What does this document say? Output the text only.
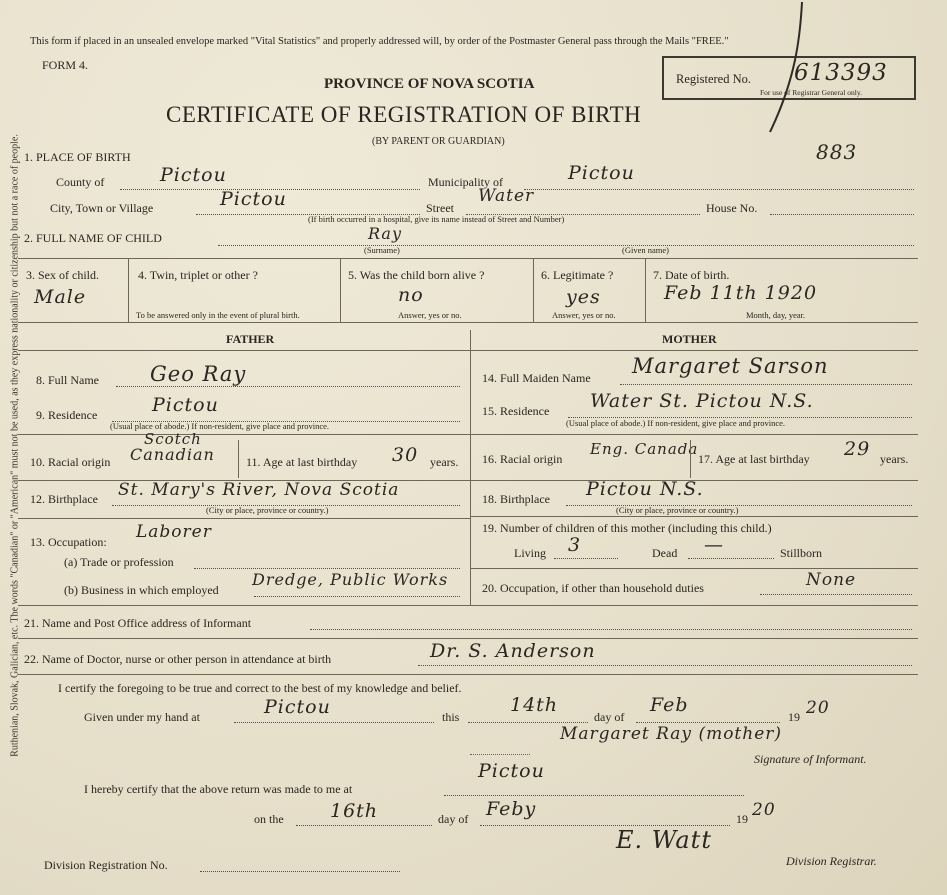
Ruthenian, Slovak, Galician, etc. The words "Canadian" or "American" must not be used, as they express nationality or citizenship but not a race of people.
This form if placed in an unsealed envelope marked "Vital Statistics" and properly addressed will, by order of the Postmaster General pass through the Mails "FREE."
FORM 4.
PROVINCE OF NOVA SCOTIA
CERTIFICATE OF REGISTRATION OF BIRTH
(BY PARENT OR GUARDIAN)
Registered No.
For use of Registrar General only.
613393
883
1. PLACE OF BIRTH
County of	Pictou	Municipality of	Pictou
City, Town or Village	Pictou	Street
Water
House No.
(If birth occurred in a hospital, give its name instead of Street and Number)
2. FULL NAME OF CHILD	Ray
(Surname)	(Given name)
3. Sex of child.
Male
4. Twin, triplet or other ?
To be answered only in the event of plural birth.
5. Was the child born alive ?
no
Answer, yes or no.
6. Legitimate ?
yes
Answer, yes or no.
7. Date of birth.
Feb 11th 1920
Month, day, year.
FATHER	MOTHER
8. Full Name Geo Ray
9. Residence	Pictou
(Usual place of abode.) If non-resident, give place and province.
10. Racial origin
Scotch
Canadian	11. Age at last birthday 30 years.
12. Birthplace St. Mary's River, Nova Scotia
(City or place, province or country.)
13. Occupation: Laborer
(a) Trade or profession
(b) Business in which employed
Dredge, Public Works
14. Full Maiden Name Margaret Sarson
15. Residence Water St. Pictou N.S.
(Usual place of abode.) If non-resident, give place and province.
16. Racial origin
Eng. Canada
17. Age at last birthday 29 years.
18. Birthplace Pictou N.S.
(City or place, province or country.)
19. Number of children of this mother (including this child.)
Living 3	Dead —	Stillborn
20. Occupation, if other than household duties	None
21. Name and Post Office address of Informant
22. Name of Doctor, nurse or other person in attendance at birth	Dr. S. Anderson
I certify the foregoing to be true and correct to the best of my knowledge and belief.
Given under my hand at	Pictou	this
14th
day of
Feb
19 20
Margaret Ray (mother)
Signature of Informant.
I hereby certify that the above return was made to me at
Pictou
on the 16th	day of Feby	19 20
E. Watt
Division Registration No.	Division Registrar.
